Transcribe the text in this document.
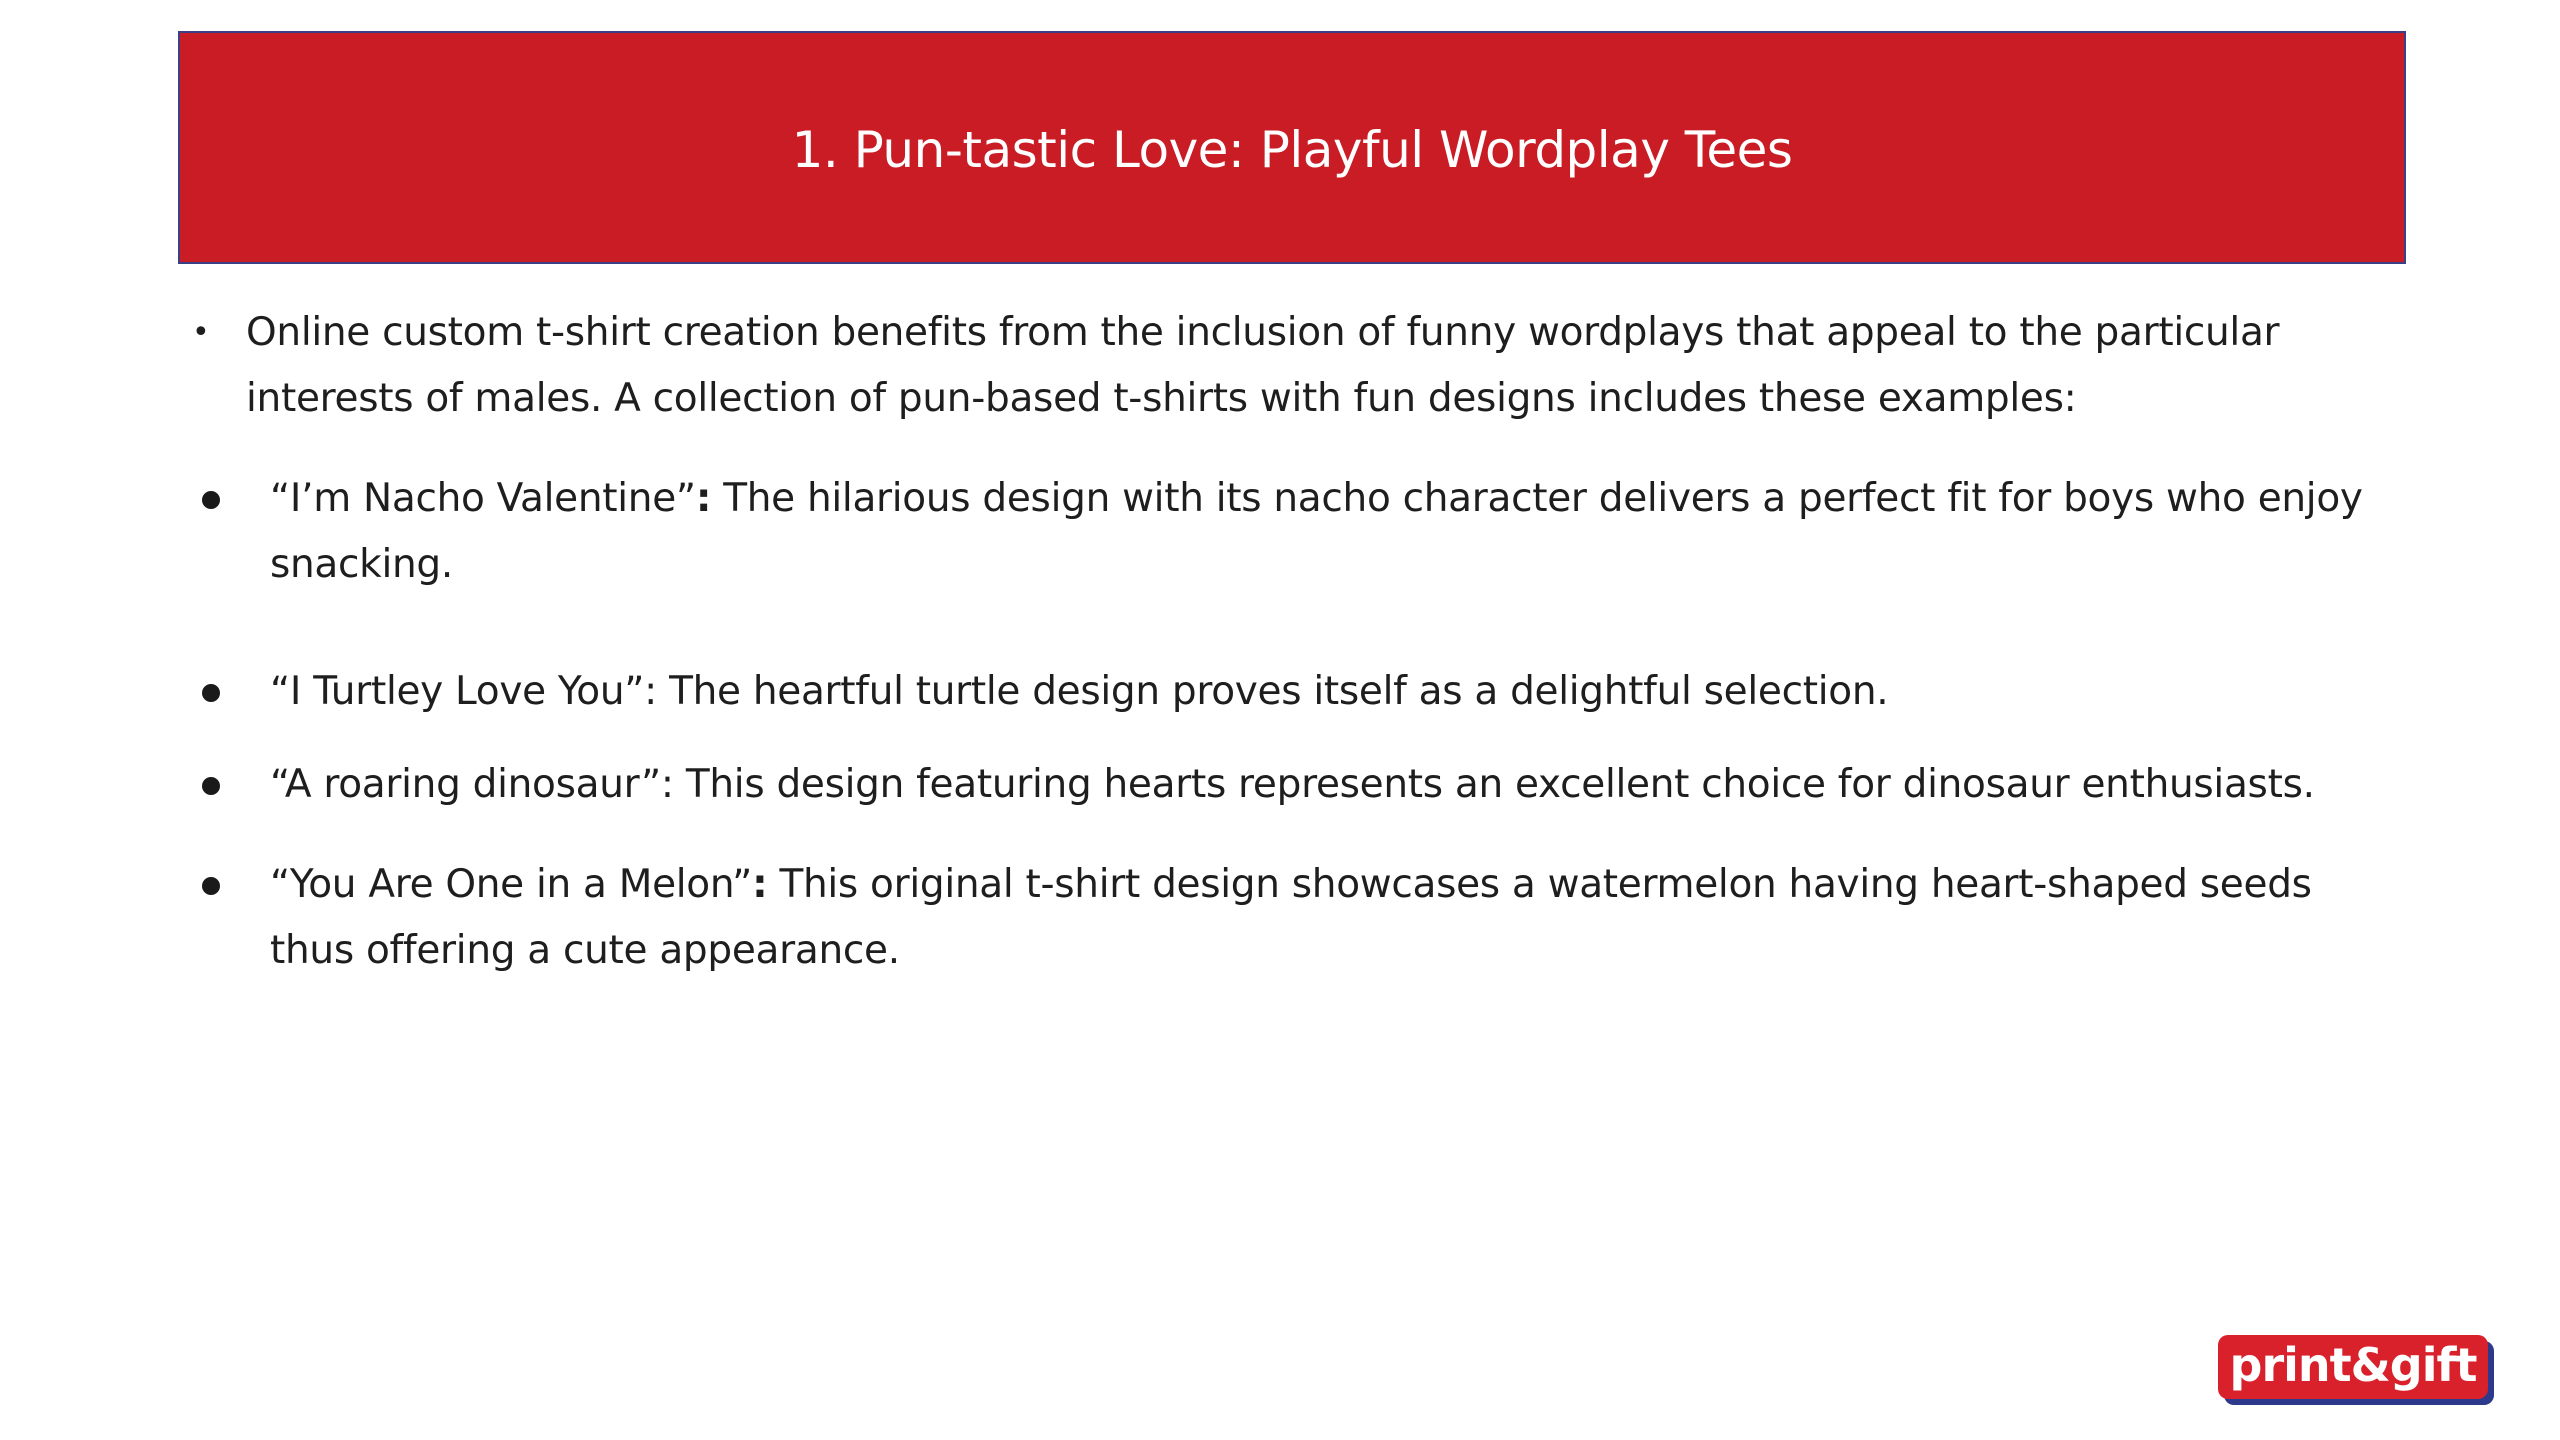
1. Pun-tastic Love: Playful Wordplay Tees
• Online custom t-shirt creation benefits from the inclusion of funny wordplays that appeal to the particular interests of males. A collection of pun-based t-shirts with fun designs includes these examples:
“I’m Nacho Valentine”: The hilarious design with its nacho character delivers a perfect fit for boys who enjoy snacking.
“I Turtley Love You”: The heartful turtle design proves itself as a delightful selection.
“A roaring dinosaur”: This design featuring hearts represents an excellent choice for dinosaur enthusiasts.
“You Are One in a Melon”: This original t-shirt design showcases a watermelon having heart-shaped seeds thus offering a cute appearance.
print&gift
